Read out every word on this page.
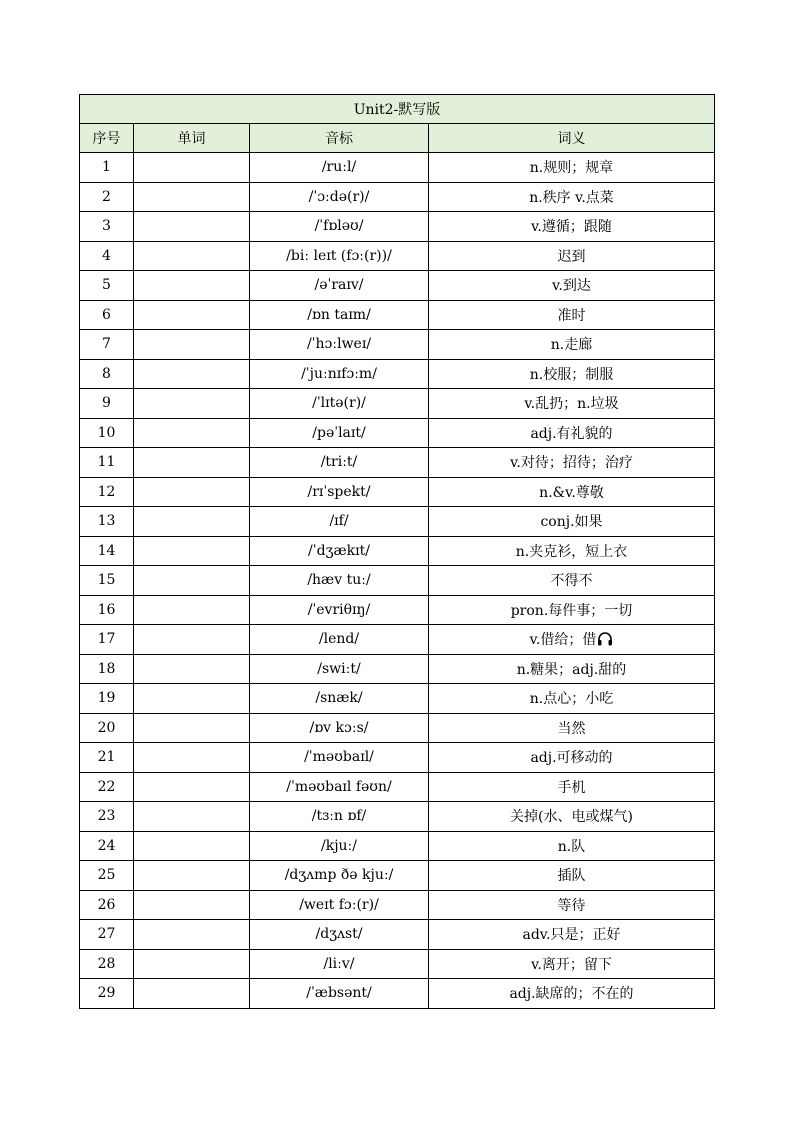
Unit2-默写版			
序号	单词	音标	词义
1		/ruːl/	n.规则；规章
2		/ˈɔːdə(r)/	n.秩序 v.点菜
3		/ˈfɒləʊ/	v.遵循；跟随
4		/biː leɪt (fɔː(r))/	迟到
5		/əˈraɪv/	v.到达
6		/ɒn taɪm/	准时
7		/ˈhɔːlweɪ/	n.走廊
8		/ˈjuːnɪfɔːm/	n.校服；制服
9		/ˈlɪtə(r)/	v.乱扔；n.垃圾
10		/pəˈlaɪt/	adj.有礼貌的
11		/triːt/	v.对待；招待；治疗
12		/rɪˈspekt/	n.&v.尊敬
13		/ɪf/	conj.如果
14		/ˈdʒækɪt/	n.夹克衫，短上衣
15		/hæv tuː/	不得不
16		/ˈevriθɪŋ/	pron.每件事；一切
17		/lend/	v.借给；借
18		/swiːt/	n.糖果；adj.甜的
19		/snæk/	n.点心；小吃
20		/ɒv kɔːs/	当然
21		/ˈməʊbaɪl/	adj.可移动的
22		/ˈməʊbaɪl fəʊn/	手机
23		/tɜːn ɒf/	关掉(水、电或煤气)
24		/kjuː/	n.队
25		/dʒʌmp ðə kjuː/	插队
26		/weɪt fɔː(r)/	等待
27		/dʒʌst/	adv.只是；正好
28		/liːv/	v.离开；留下
29		/ˈæbsənt/	adj.缺席的；不在的
